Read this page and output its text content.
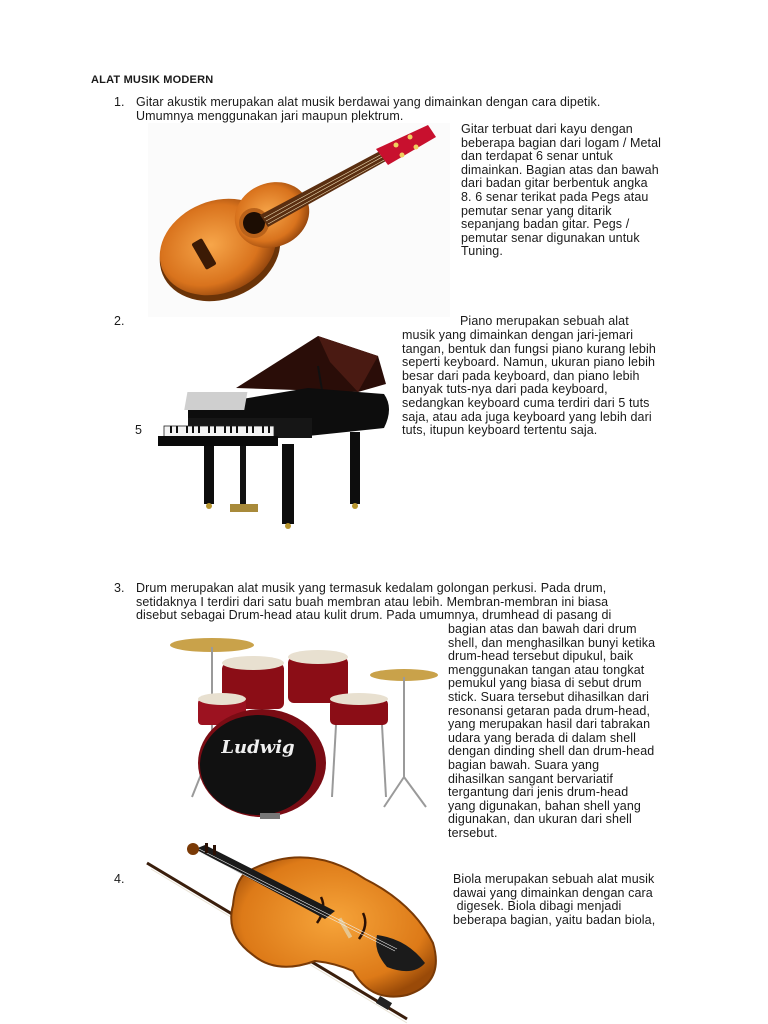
ALAT MUSIK MODERN
1. Gitar akustik merupakan alat musik berdawai yang dimainkan dengan cara dipetik.
Umumnya menggunakan jari maupun plektrum.
Gitar terbuat dari kayu dengan
beberapa bagian dari logam / Metal
dan terdapat 6 senar untuk
dimainkan. Bagian atas dan bawah
dari badan gitar berbentuk angka
8. 6 senar terikat pada Pegs atau
pemutar senar yang ditarik
sepanjang badan gitar. Pegs /
pemutar senar digunakan untuk
Tuning.
2.
5
Piano merupakan sebuah alat
musik yang dimainkan dengan jari-jemari
tangan, bentuk dan fungsi piano kurang lebih
seperti keyboard. Namun, ukuran piano lebih
besar dari pada keyboard, dan piano lebih
banyak tuts-nya dari pada keyboard,
sedangkan keyboard cuma terdiri dari 5 tuts
saja, atau ada juga keyboard yang lebih dari
tuts, itupun keyboard tertentu saja.
3. Drum merupakan alat musik yang termasuk kedalam golongan perkusi. Pada drum,
setidaknya I terdiri dari satu buah membran atau lebih. Membran-membran ini biasa
disebut sebagai Drum-head atau kulit drum. Pada umumnya, drumhead di pasang di
Ludwig
bagian atas dan bawah dari drum
shell, dan menghasilkan bunyi ketika
drum-head tersebut dipukul, baik
menggunakan tangan atau tongkat
pemukul yang biasa di sebut drum
stick. Suara tersebut dihasilkan dari
resonansi getaran pada drum-head,
yang merupakan hasil dari tabrakan
udara yang berada di dalam shell
dengan dinding shell dan drum-head
bagian bawah. Suara yang
dihasilkan sangant bervariatif
tergantung dari jenis drum-head
yang digunakan, bahan shell yang
digunakan, dan ukuran dari shell
tersebut.
4.	Biola merupakan sebuah alat musik
dawai yang dimainkan dengan cara
digesek. Biola dibagi menjadi
beberapa bagian, yaitu badan biola,
